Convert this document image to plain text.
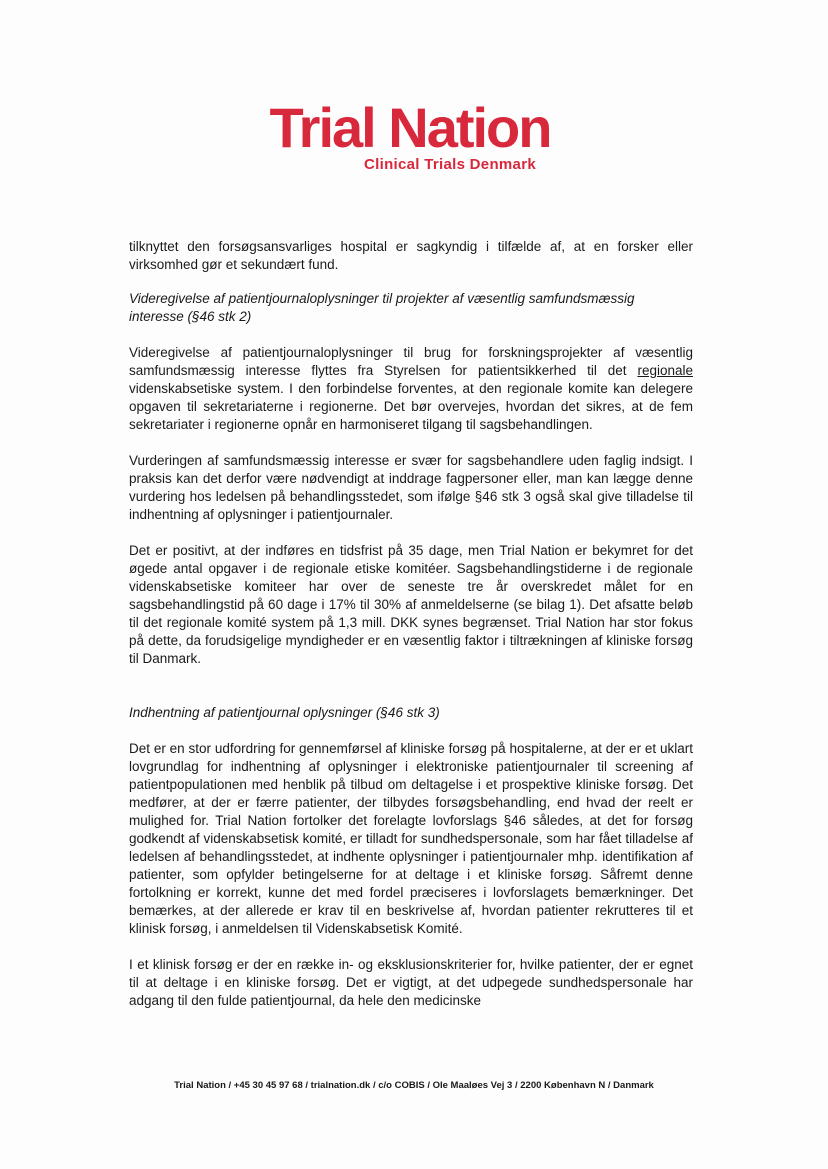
Trial Nation
Clinical Trials Denmark

tilknyttet den forsøgsansvarliges hospital er sagkyndig i tilfælde af, at en forsker eller virksomhed gør et sekundært fund.

Videregivelse af patientjournaloplysninger til projekter af væsentlig samfundsmæssig interesse (§46 stk 2)

Videregivelse af patientjournaloplysninger til brug for forskningsprojekter af væsentlig samfundsmæssig interesse flyttes fra Styrelsen for patientsikkerhed til det regionale videnskabsetiske system. I den forbindelse forventes, at den regionale komite kan delegere opgaven til sekretariaterne i regionerne. Det bør overvejes, hvordan det sikres, at de fem sekretariater i regionerne opnår en harmoniseret tilgang til sagsbehandlingen.

Vurderingen af samfundsmæssig interesse er svær for sagsbehandlere uden faglig indsigt. I praksis kan det derfor være nødvendigt at inddrage fagpersoner eller, man kan lægge denne vurdering hos ledelsen på behandlingsstedet, som ifølge §46 stk 3 også skal give tilladelse til indhentning af oplysninger i patientjournaler.

Det er positivt, at der indføres en tidsfrist på 35 dage, men Trial Nation er bekymret for det øgede antal opgaver i de regionale etiske komitéer. Sagsbehandlingstiderne i de regionale videnskabsetiske komiteer har over de seneste tre år overskredet målet for en sagsbehandlingstid på 60 dage i 17% til 30% af anmeldelserne (se bilag 1). Det afsatte beløb til det regionale komité system på 1,3 mill. DKK synes begrænset. Trial Nation har stor fokus på dette, da forudsigelige myndigheder er en væsentlig faktor i tiltrækningen af kliniske forsøg til Danmark.

Indhentning af patientjournal oplysninger (§46 stk 3)

Det er en stor udfordring for gennemførsel af kliniske forsøg på hospitalerne, at der er et uklart lovgrundlag for indhentning af oplysninger i elektroniske patientjournaler til screening af patientpopulationen med henblik på tilbud om deltagelse i et prospektive kliniske forsøg. Det medfører, at der er færre patienter, der tilbydes forsøgsbehandling, end hvad der reelt er mulighed for. Trial Nation fortolker det forelagte lovforslags §46 således, at det for forsøg godkendt af videnskabsetisk komité, er tilladt for sundhedspersonale, som har fået tilladelse af ledelsen af behandlingsstedet, at indhente oplysninger i patientjournaler mhp. identifikation af patienter, som opfylder betingelserne for at deltage i et kliniske forsøg. Såfremt denne fortolkning er korrekt, kunne det med fordel præciseres i lovforslagets bemærkninger. Det bemærkes, at der allerede er krav til en beskrivelse af, hvordan patienter rekrutteres til et klinisk forsøg, i anmeldelsen til Videnskabsetisk Komité.

I et klinisk forsøg er der en række in- og eksklusionskriterier for, hvilke patienter, der er egnet til at deltage i en kliniske forsøg. Det er vigtigt, at det udpegede sundhedspersonale har adgang til den fulde patientjournal, da hele den medicinske

Trial Nation / +45 30 45 97 68 / trialnation.dk / c/o COBIS / Ole Maaløes Vej 3 / 2200 København N / Danmark
